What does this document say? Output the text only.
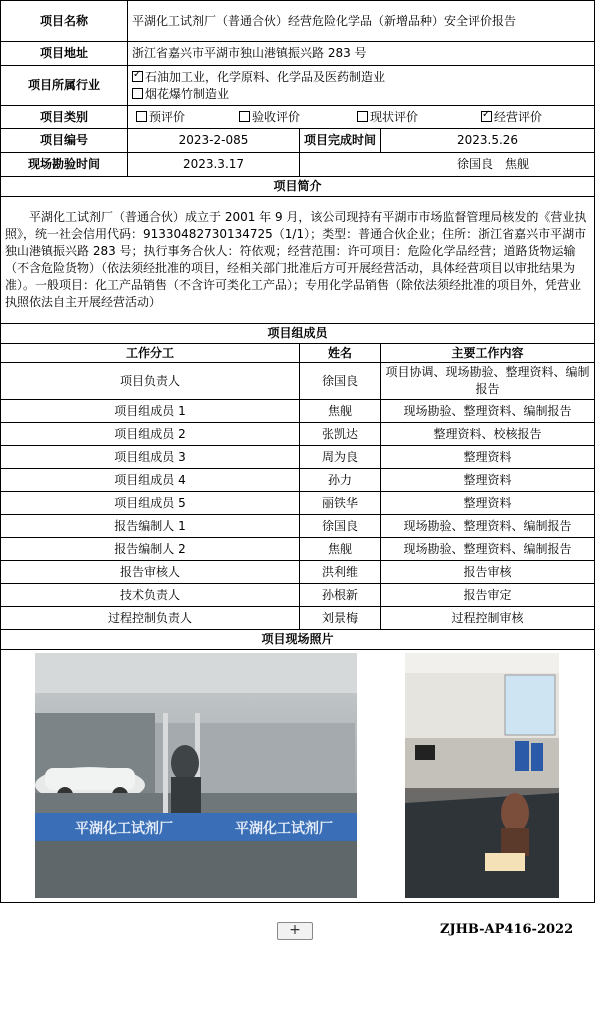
项目名称	平湖化工试剂厂（普通合伙）经营危险化学品（新增品种）安全评价报告		
项目地址	浙江省嘉兴市平湖市独山港镇振兴路 283 号		
项目所属行业	
✓石油加工业，化学原料、化学品及医药制造业
烟花爆竹制造业

项目类别	预评价 验收评价 现状评价 ✓ 经营评价

项目编号	2023-2-085	项目完成时间	2023.5.26
现场勘验时间	2023.3.17	徐国良　焦舰	
项目简介			
平湖化工试剂厂（普通合伙）成立于 2001 年 9 月，该公司现持有平湖市市场监督管理局核发的《营业执照》，统一社会信用代码：91330482730134725（1/1）；类型：普通合伙企业；住所：浙江省嘉兴市平湖市独山港镇振兴路 283 号；执行事务合伙人：符依观；经营范围：许可项目：危险化学品经营；道路货物运输（不含危险货物）（依法须经批准的项目，经相关部门批准后方可开展经营活动，具体经营项目以审批结果为准）。一般项目：化工产品销售（不含许可类化工产品）；专用化学品销售（除依法须经批准的项目外，凭营业执照依法自主开展经营活动）			
项目组成员			
工作分工		姓名	主要工作内容
项目负责人		徐国良	项目协调、现场勘验、整理资料、编制报告
项目组成员 1		焦舰	现场勘验、整理资料、编制报告
项目组成员 2		张凯达	整理资料、校核报告
项目组成员 3		周为良	整理资料
项目组成员 4		孙力	整理资料
项目组成员 5		丽铁华	整理资料
报告编制人 1		徐国良	现场勘验、整理资料、编制报告
报告编制人 2		焦舰	现场勘验、整理资料、编制报告
报告审核人		洪利维	报告审核
技术负责人		孙根新	报告审定
过程控制负责人		刘景梅	过程控制审核
项目现场照片			

平湖化工试剂厂 平湖化工试剂厂			
+	ZJHB-AP416-2022
